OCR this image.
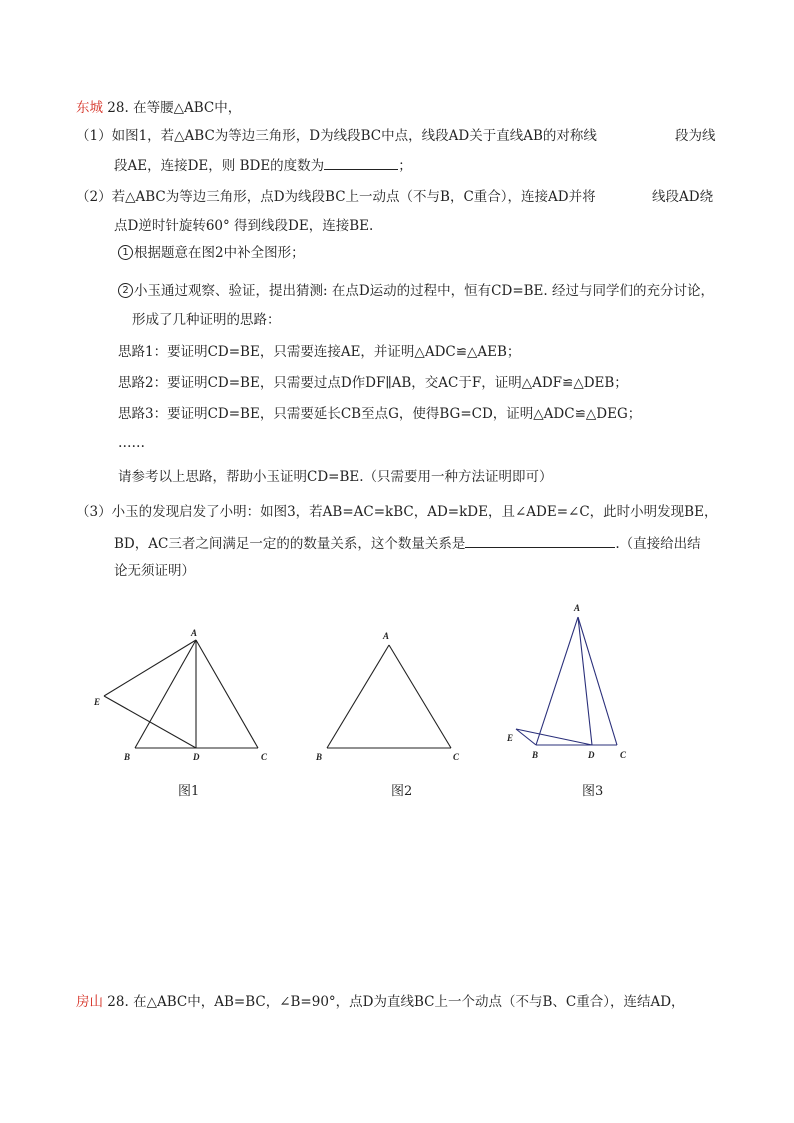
东城 28. 在等腰△ABC中，
（1）如图1，若△ABC为等边三角形，D为线段BC中点，线段AD关于直线AB的对称线	段为线
段AE，连接DE，则 BDE的度数为	；
（2）若△ABC为等边三角形，点D为线段BC上一动点（不与B，C重合），连接AD并将	线段AD绕
点D逆时针旋转60° 得到线段DE，连接BE.
1 根据题意在图2中补全图形；
2 小玉通过观察、验证，提出猜测: 在点D运动的过程中，恒有CD=BE. 经过与同学们的充分讨论，
形成了几种证明的思路：
思路1：要证明CD=BE，只需要连接AE，并证明△ADC≌△AEB；
思路2：要证明CD=BE，只需要过点D作DF∥AB，交AC于F，证明△ADF≌△DEB；
思路3：要证明CD=BE，只需要延长CB至点G，使得BG=CD，证明△ADC≌△DEG；
……
请参考以上思路，帮助小玉证明CD=BE.（只需要用一种方法证明即可）
（3）小玉的发现启发了小明：如图3，若AB=AC=kBC，AD=kDE，且∠ADE=∠C，此时小明发现BE，
BD，AC三者之间满足一定的的数量关系，这个数量关系是	.（直接给出结
论无须证明）
A
E
B	D	C
A
B	C
A
E
B	D	C
图1	图2	图3
房山 28. 在△ABC中，AB=BC，∠B=90°，点D为直线BC上一个动点（不与B、C重合），连结AD，
